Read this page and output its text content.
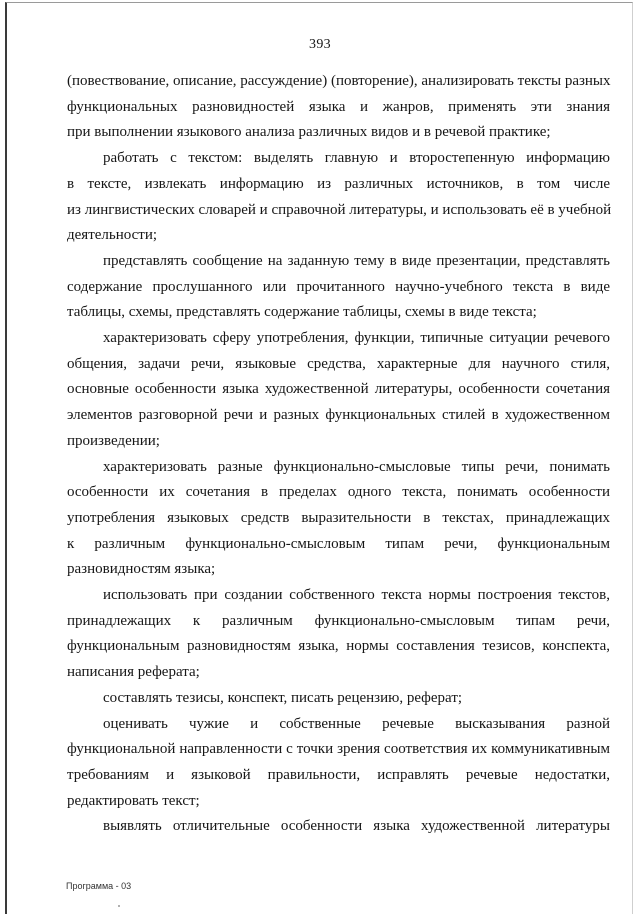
393
(повествование, описание, рассуждение) (повторение), анализировать тексты разных
функциональных разновидностей языка и жанров, применять эти знания
при выполнении языкового анализа различных видов и в речевой практике;
работать с текстом: выделять главную и второстепенную информацию
в тексте, извлекать информацию из различных источников, в том числе
из лингвистических словарей и справочной литературы, и использовать её в учебной
деятельности;
представлять сообщение на заданную тему в виде презентации, представлять
содержание прослушанного или прочитанного научно-учебного текста в виде
таблицы, схемы, представлять содержание таблицы, схемы в виде текста;
характеризовать сферу употребления, функции, типичные ситуации речевого
общения, задачи речи, языковые средства, характерные для научного стиля,
основные особенности языка художественной литературы, особенности сочетания
элементов разговорной речи и разных функциональных стилей в художественном
произведении;
характеризовать разные функционально-смысловые типы речи, понимать
особенности их сочетания в пределах одного текста, понимать особенности
употребления языковых средств выразительности в текстах, принадлежащих
к различным функционально-смысловым типам речи, функциональным
разновидностям языка;
использовать при создании собственного текста нормы построения текстов,
принадлежащих к различным функционально-смысловым типам речи,
функциональным разновидностям языка, нормы составления тезисов, конспекта,
написания реферата;
составлять тезисы, конспект, писать рецензию, реферат;
оценивать чужие и собственные речевые высказывания разной
функциональной направленности с точки зрения соответствия их коммуникативным
требованиям и языковой правильности, исправлять речевые недостатки,
редактировать текст;
выявлять отличительные особенности языка художественной литературы
Программа - 03
